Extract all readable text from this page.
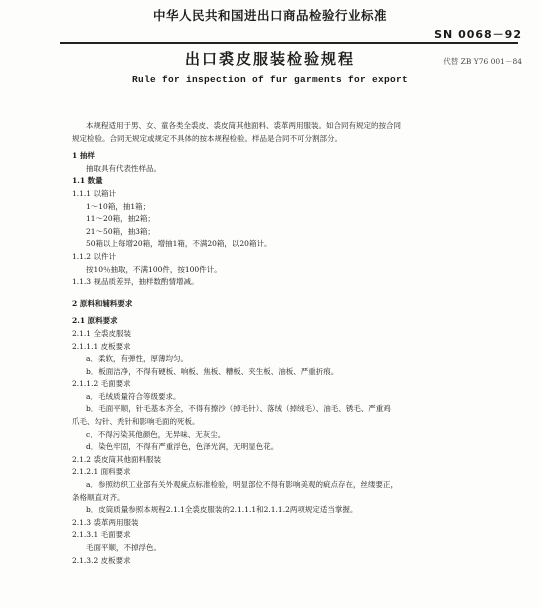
中华人民共和国进出口商品检验行业标准
SN 0068－92
出口裘皮服装检验规程	代替 ZB Y76 001－84
Rule for inspection of fur garments for export

本规程适用于男、女、童各类全裘皮、裘皮筒其他面料、裘革两用服装。如合同有规定的按合同

规定检验。合同无规定或规定不具体的按本规程检验。样品是合同不可分割部分。

1 抽样

抽取具有代表性样品。

1.1 数量

1.1.1 以箱计

1～10箱，抽1箱；

11～20箱，抽2箱；

21～50箱，抽3箱；

50箱以上每增20箱，增抽1箱，不满20箱，以20箱计。

1.1.2 以件计

按10％抽取，不满100件，按100件计。

1.1.3 视品质差异，抽样数酌情增减。

2 原料和辅料要求

2.1 原料要求

2.1.1 全裘皮服装

2.1.1.1 皮板要求

a．柔软，有弹性，厚薄均匀。

b．板面洁净，不得有硬板、响板、焦板、糟板、夹生板、油板、严重折痕。

2.1.1.2 毛面要求

a．毛绒质量符合等级要求。

b．毛面平顺，针毛基本齐全，不得有擦沙（掉毛针）、落绒（掉绒毛）、油毛、锈毛、严重鸡

爪毛、勾针、秃针和影响毛面的死板。

c．不得污染其他颜色，无异味、无灰尘。

d．染色牢固，不得有严重浮色，色泽光润，无明显色花。

2.1.2 裘皮筒其他面料服装

2.1.2.1 面料要求

a．参照纺织工业部有关外观疵点标准检验，明显部位不得有影响美观的疵点存在，丝缕要正，

条格顺直对齐。

b．皮筒质量参照本规程2.1.1全裘皮服装的2.1.1.1和2.1.1.2两项规定适当掌握。

2.1.3 裘革两用服装

2.1.3.1 毛面要求

毛面平顺，不掉浮色。

2.1.3.2 皮板要求
